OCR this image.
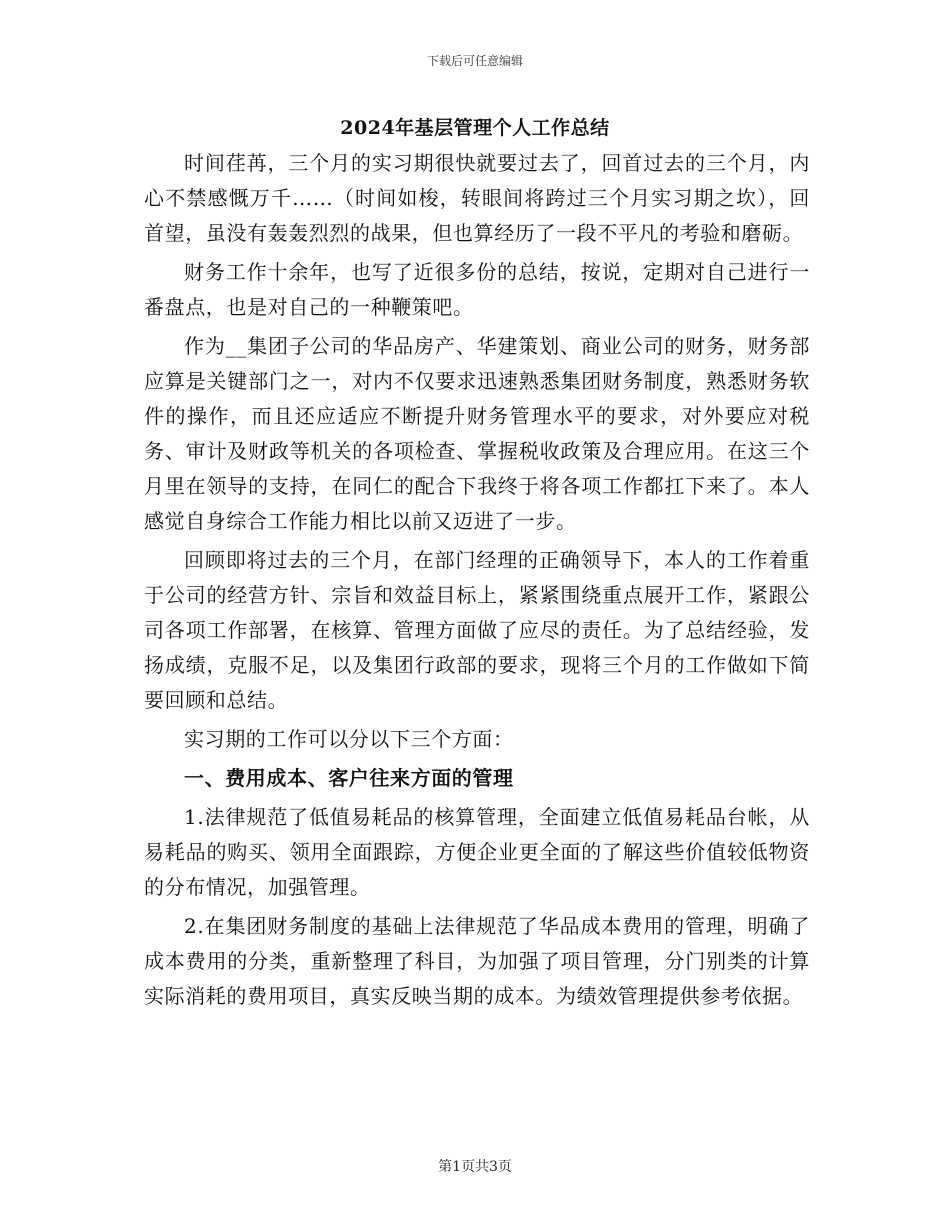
下载后可任意编辑
2024年基层管理个人工作总结

时间荏苒，三个月的实习期很快就要过去了，回首过去的三个月，内心不禁感慨万千……（时间如梭，转眼间将跨过三个月实习期之坎），回首望，虽没有轰轰烈烈的战果，但也算经历了一段不平凡的考验和磨砺。

财务工作十余年，也写了近很多份的总结，按说，定期对自己进行一番盘点，也是对自己的一种鞭策吧。

作为__集团子公司的华品房产、华建策划、商业公司的财务，财务部应算是关键部门之一，对内不仅要求迅速熟悉集团财务制度，熟悉财务软件的操作，而且还应适应不断提升财务管理水平的要求，对外要应对税务、审计及财政等机关的各项检查、掌握税收政策及合理应用。在这三个月里在领导的支持，在同仁的配合下我终于将各项工作都扛下来了。本人感觉自身综合工作能力相比以前又迈进了一步。

回顾即将过去的三个月，在部门经理的正确领导下，本人的工作着重于公司的经营方针、宗旨和效益目标上，紧紧围绕重点展开工作，紧跟公司各项工作部署，在核算、管理方面做了应尽的责任。为了总结经验，发扬成绩，克服不足，以及集团行政部的要求，现将三个月的工作做如下简要回顾和总结。

实习期的工作可以分以下三个方面：

一、费用成本、客户往来方面的管理

1.法律规范了低值易耗品的核算管理，全面建立低值易耗品台帐，从易耗品的购买、领用全面跟踪，方便企业更全面的了解这些价值较低物资的分布情况，加强管理。

2.在集团财务制度的基础上法律规范了华品成本费用的管理，明确了成本费用的分类，重新整理了科目，为加强了项目管理，分门别类的计算实际消耗的费用项目，真实反映当期的成本。为绩效管理提供参考依据。

第1页共3页
